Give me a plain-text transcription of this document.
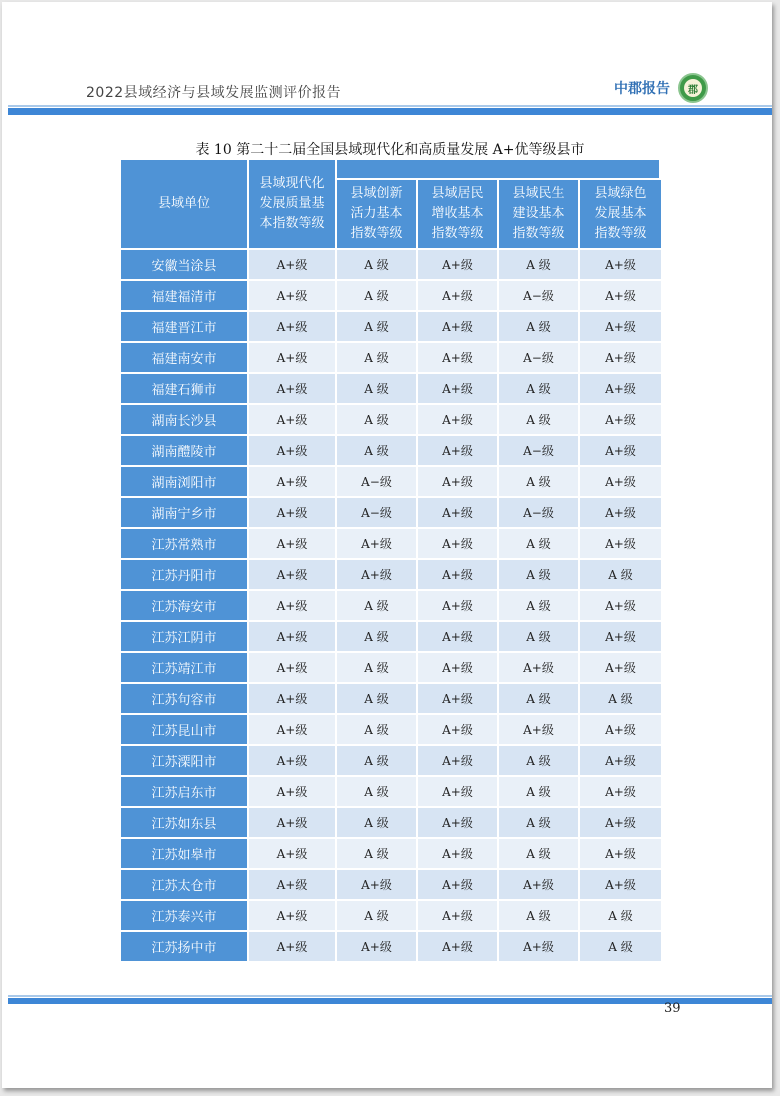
2022县域经济与县域发展监测评价报告	中郡报告	郡
表 10 第二十二届全国县域现代化和高质量发展 A+优等级县市
县域单位	县域现代化发展质量基本指数等级				
		县域创新活力基本指数等级	县域居民增收基本指数等级	县域民生建设基本指数等级	县域绿色发展基本指数等级
安徽当涂县	A+级	A 级	A+级	A 级	A+级
福建福清市	A+级	A 级	A+级	A−级	A+级
福建晋江市	A+级	A 级	A+级	A 级	A+级
福建南安市	A+级	A 级	A+级	A−级	A+级
福建石狮市	A+级	A 级	A+级	A 级	A+级
湖南长沙县	A+级	A 级	A+级	A 级	A+级
湖南醴陵市	A+级	A 级	A+级	A−级	A+级
湖南浏阳市	A+级	A−级	A+级	A 级	A+级
湖南宁乡市	A+级	A−级	A+级	A−级	A+级
江苏常熟市	A+级	A+级	A+级	A 级	A+级
江苏丹阳市	A+级	A+级	A+级	A 级	A 级
江苏海安市	A+级	A 级	A+级	A 级	A+级
江苏江阴市	A+级	A 级	A+级	A 级	A+级
江苏靖江市	A+级	A 级	A+级	A+级	A+级
江苏句容市	A+级	A 级	A+级	A 级	A 级
江苏昆山市	A+级	A 级	A+级	A+级	A+级
江苏溧阳市	A+级	A 级	A+级	A 级	A+级
江苏启东市	A+级	A 级	A+级	A 级	A+级
江苏如东县	A+级	A 级	A+级	A 级	A+级
江苏如皋市	A+级	A 级	A+级	A 级	A+级
江苏太仓市	A+级	A+级	A+级	A+级	A+级
江苏泰兴市	A+级	A 级	A+级	A 级	A 级
江苏扬中市	A+级	A+级	A+级	A+级	A 级
39
